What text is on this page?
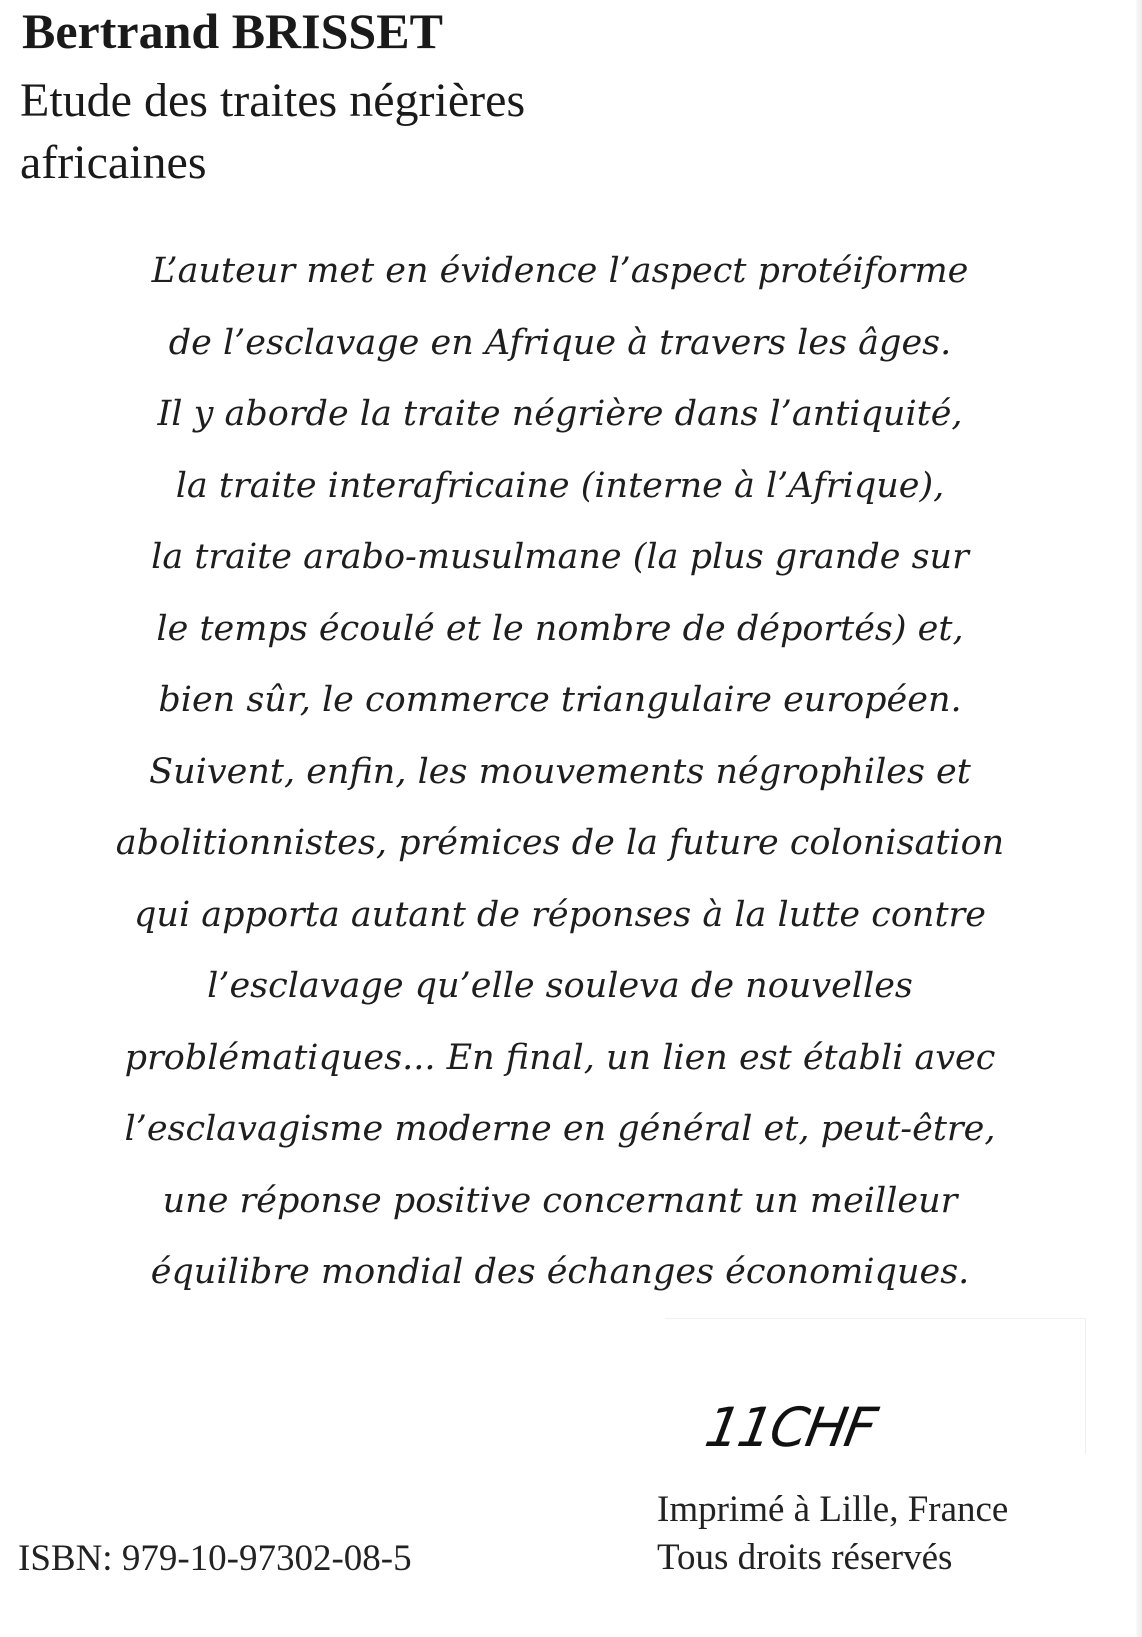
Bertrand BRISSET
Etude des traites négrières
africaines
L’auteur met en évidence l’aspect protéiforme
de l’esclavage en Afrique à travers les âges.
Il y aborde la traite négrière dans l’antiquité,
la traite interafricaine (interne à l’Afrique),
la traite arabo-musulmane (la plus grande sur
le temps écoulé et le nombre de déportés) et,
bien sûr, le commerce triangulaire européen.
Suivent, enfin, les mouvements négrophiles et
abolitionnistes, prémices de la future colonisation
qui apporta autant de réponses à la lutte contre
l’esclavage qu’elle souleva de nouvelles
problématiques... En final, un lien est établi avec
l’esclavagisme moderne en général et, peut-être,
une réponse positive concernant un meilleur
équilibre mondial des échanges économiques.
11CHF
Imprimé à Lille, France
Tous droits réservés
ISBN: 979-10-97302-08-5
